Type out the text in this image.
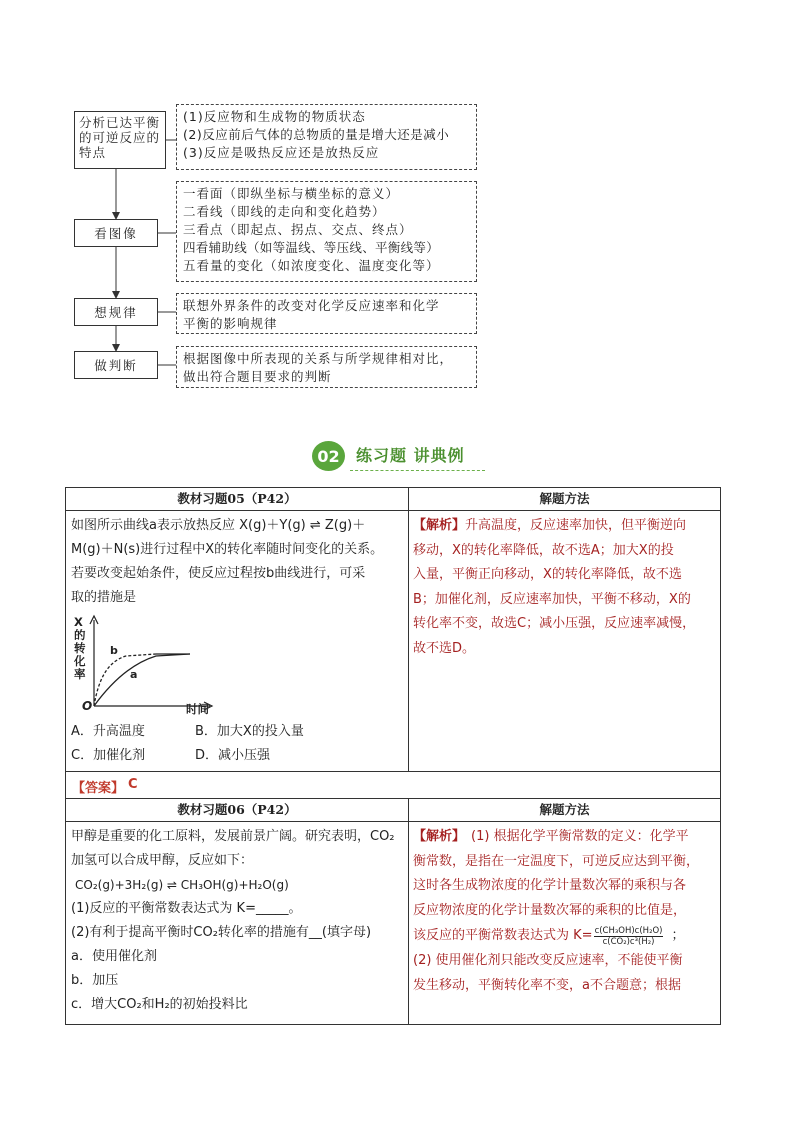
分析已达平衡的可逆反应的特点
看图像
想规律
做判断
(1)反应物和生成物的物质状态
(2)反应前后气体的总物质的量是增大还是减小
(3)反应是吸热反应还是放热反应
一看面（即纵坐标与横坐标的意义）
二看线（即线的走向和变化趋势）
三看点（即起点、拐点、交点、终点）
四看辅助线（如等温线、等压线、平衡线等）
五看量的变化（如浓度变化、温度变化等）
联想外界条件的改变对化学反应速率和化学
平衡的影响规律
根据图像中所表现的关系与所学规律相对比，
做出符合题目要求的判断
02	练习题 讲典例
教材习题05（P42）	解题方法
如图所示曲线a表示放热反应 X(g)＋Y(g) ⇌ Z(g)＋
M(g)＋N(s)进行过程中X的转化率随时间变化的关系。
若要改变起始条件，使反应过程按b曲线进行，可采
取的措施是
X的转化率
时间
O
a
b
A．升高温度	B．加大X的投入量
C．加催化剂	D．减小压强
【解析】升高温度，反应速率加快，但平衡逆向
移动，X的转化率降低，故不选A；加大X的投
入量，平衡正向移动，X的转化率降低，故不选
B；加催化剂，反应速率加快，平衡不移动，X的
转化率不变，故选C；减小压强，反应速率减慢，
故不选D。
【答案】 C
教材习题06（P42）	解题方法
甲醇是重要的化工原料，发展前景广阔。研究表明，CO₂
加氢可以合成甲醇，反应如下：
CO₂(g)+3H₂(g) ⇌ CH₃OH(g)+H₂O(g)
(1)反应的平衡常数表达式为 K=_____。
(2)有利于提高平衡时CO₂转化率的措施有__(填字母)
a．使用催化剂
b．加压
c．增大CO₂和H₂的初始投料比
【解析】 (1) 根据化学平衡常数的定义：化学平
衡常数，是指在一定温度下，可逆反应达到平衡，
这时各生成物浓度的化学计量数次幂的乘积与各
反应物浓度的化学计量数次幂的乘积的比值是，
该反应的平衡常数表达式为 $K= \frac{\text{c(CH₃OH)c(H₂O)}}{\text{c(CO₂)c³(H₂)}}$ ；
(2) 使用催化剂只能改变反应速率，不能使平衡
发生移动，平衡转化率不变，a不合题意；根据
